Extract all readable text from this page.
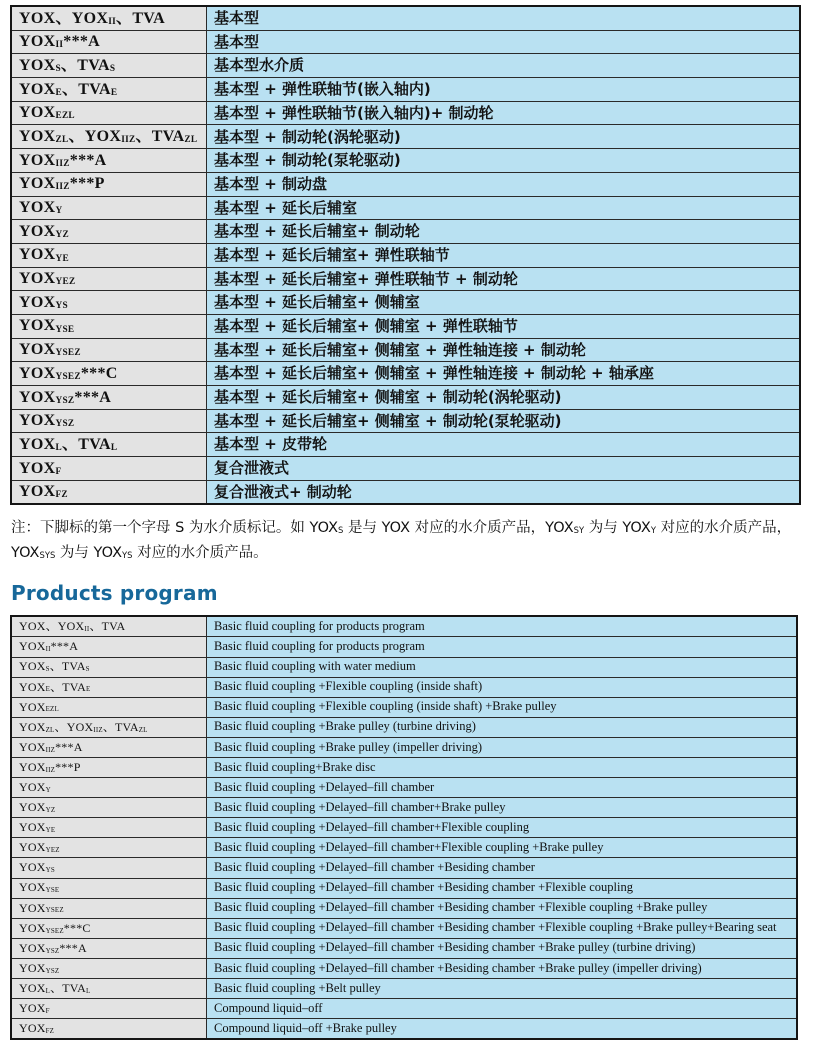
YOX、$YOX_{II}$、TVA	基本型
$YOX_{II}***A$	基本型
$YOX_S$、$TVA_S$	基本型水介质
$YOX_E$、$TVA_E$	基本型 + 弹性联轴节(嵌入轴内)
$YOX_{EZL}$	基本型 + 弹性联轴节(嵌入轴内)+ 制动轮
$YOX_{ZL}$、$YOX_{IIZ}$、$TVA_{ZL}$	基本型 + 制动轮(涡轮驱动)
$YOX_{IIZ}***A$	基本型 + 制动轮(泵轮驱动)
$YOX_{IIZ}***P$	基本型 + 制动盘
$YOX_Y$	基本型 + 延长后辅室
$YOX_{YZ}$	基本型 + 延长后辅室+ 制动轮
$YOX_{YE}$	基本型 + 延长后辅室+ 弹性联轴节
$YOX_{YEZ}$	基本型 + 延长后辅室+ 弹性联轴节 + 制动轮
$YOX_{YS}$	基本型 + 延长后辅室+ 侧辅室
$YOX_{YSE}$	基本型 + 延长后辅室+ 侧辅室 + 弹性联轴节
$YOX_{YSEZ}$	基本型 + 延长后辅室+ 侧辅室 + 弹性轴连接 + 制动轮
$YOX_{YSEZ}***C$	基本型 + 延长后辅室+ 侧辅室 + 弹性轴连接 + 制动轮 + 轴承座
$YOX_{YSZ}***A$	基本型 + 延长后辅室+ 侧辅室 + 制动轮(涡轮驱动)
$YOX_{YSZ}$	基本型 + 延长后辅室+ 侧辅室 + 制动轮(泵轮驱动)
$YOX_L$、$TVA_L$	基本型 + 皮带轮
$YOX_F$	复合泄液式
$YOX_{FZ}$	复合泄液式+ 制动轮

注：下脚标的第一个字母 S 为水介质标记。如 $YOX_S$ 是与 YOX 对应的水介质产品，$YOX_{SY}$ 为与 $YOX_Y$ 对应的水介质产品，$YOX_{SYS}$ 为与 $YOX_{YS}$ 对应的水介质产品。

Products program
YOX、$YOX_{II}$、TVA	Basic fluid coupling for products program
$YOX_{II}***A$	Basic fluid coupling for products program
$YOX_S$、$TVA_S$	Basic fluid coupling with water medium
$YOX_E$、$TVA_E$	Basic fluid coupling +Flexible coupling (inside shaft)
$YOX_{EZL}$	Basic fluid coupling +Flexible coupling (inside shaft) +Brake pulley
$YOX_{ZL}$、$YOX_{IIZ}$、$TVA_{ZL}$	Basic fluid coupling +Brake pulley (turbine driving)
$YOX_{IIZ}***A$	Basic fluid coupling +Brake pulley (impeller driving)
$YOX_{IIZ}***P$	Basic fluid coupling+Brake disc
$YOX_Y$	Basic fluid coupling +Delayed–fill chamber
$YOX_{YZ}$	Basic fluid coupling +Delayed–fill chamber+Brake pulley
$YOX_{YE}$	Basic fluid coupling +Delayed–fill chamber+Flexible coupling
$YOX_{YEZ}$	Basic fluid coupling +Delayed–fill chamber+Flexible coupling +Brake pulley
$YOX_{YS}$	Basic fluid coupling +Delayed–fill chamber +Besiding chamber
$YOX_{YSE}$	Basic fluid coupling +Delayed–fill chamber +Besiding chamber +Flexible coupling
$YOX_{YSEZ}$	Basic fluid coupling +Delayed–fill chamber +Besiding chamber +Flexible coupling +Brake pulley
$YOX_{YSEZ}***C$	Basic fluid coupling +Delayed–fill chamber +Besiding chamber +Flexible coupling +Brake pulley+Bearing seat
$YOX_{YSZ}***A$	Basic fluid coupling +Delayed–fill chamber +Besiding chamber +Brake pulley (turbine driving)
$YOX_{YSZ}$	Basic fluid coupling +Delayed–fill chamber +Besiding chamber +Brake pulley (impeller driving)
$YOX_L$、$TVA_L$	Basic fluid coupling +Belt pulley
$YOX_F$	Compound liquid–off
$YOX_{FZ}$	Compound liquid–off +Brake pulley
